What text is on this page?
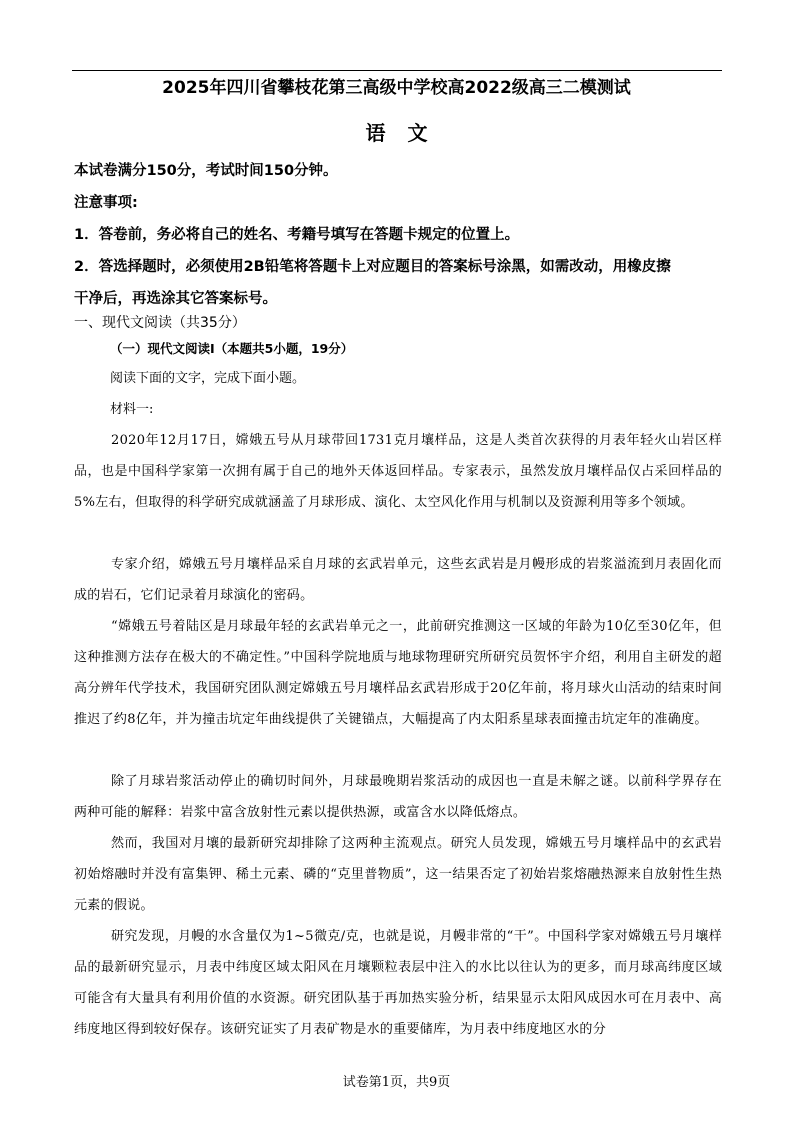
2025年四川省攀枝花第三高级中学校高2022级高三二模测试
语文
本试卷满分150分，考试时间150分钟。
注意事项:
1．答卷前，务必将自己的姓名、考籍号填写在答题卡规定的位置上。
2．答选择题时，必须使用2B铅笔将答题卡上对应题目的答案标号涂黑，如需改动，用橡皮擦
干净后，再选涂其它答案标号。
一、现代文阅读（共35分）
（一）现代文阅读Ⅰ（本题共5小题，19分）
阅读下面的文字，完成下面小题。
材料一:

2020年12月17日，嫦娥五号从月球带回1731克月壤样品，这是人类首次获得的月表年轻火山岩区样品，也是中国科学家第一次拥有属于自己的地外天体返回样品。专家表示，虽然发放月壤样品仅占采回样品的5%左右，但取得的科学研究成就涵盖了月球形成、演化、太空风化作用与机制以及资源利用等多个领域。

专家介绍，嫦娥五号月壤样品采自月球的玄武岩单元，这些玄武岩是月幔形成的岩浆溢流到月表固化而成的岩石，它们记录着月球演化的密码。

“嫦娥五号着陆区是月球最年轻的玄武岩单元之一，此前研究推测这一区域的年龄为10亿至30亿年，但这种推测方法存在极大的不确定性。”中国科学院地质与地球物理研究所研究员贺怀宇介绍，利用自主研发的超高分辨年代学技术，我国研究团队测定嫦娥五号月壤样品玄武岩形成于20亿年前，将月球火山活动的结束时间推迟了约8亿年，并为撞击坑定年曲线提供了关键锚点，大幅提高了内太阳系星球表面撞击坑定年的准确度。

除了月球岩浆活动停止的确切时间外，月球最晚期岩浆活动的成因也一直是未解之谜。以前科学界存在两种可能的解释：岩浆中富含放射性元素以提供热源，或富含水以降低熔点。

然而，我国对月壤的最新研究却排除了这两种主流观点。研究人员发现，嫦娥五号月壤样品中的玄武岩初始熔融时并没有富集钾、稀土元素、磷的“克里普物质”，这一结果否定了初始岩浆熔融热源来自放射性生热元素的假说。

研究发现，月幔的水含量仅为1~5微克/克，也就是说，月幔非常的“干”。中国科学家对嫦娥五号月壤样品的最新研究显示，月表中纬度区域太阳风在月壤颗粒表层中注入的水比以往认为的更多，而月球高纬度区域可能含有大量具有利用价值的水资源。研究团队基于再加热实验分析，结果显示太阳风成因水可在月表中、高纬度地区得到较好保存。该研究证实了月表矿物是水的重要储库，为月表中纬度地区水的分

试卷第1页，共9页
